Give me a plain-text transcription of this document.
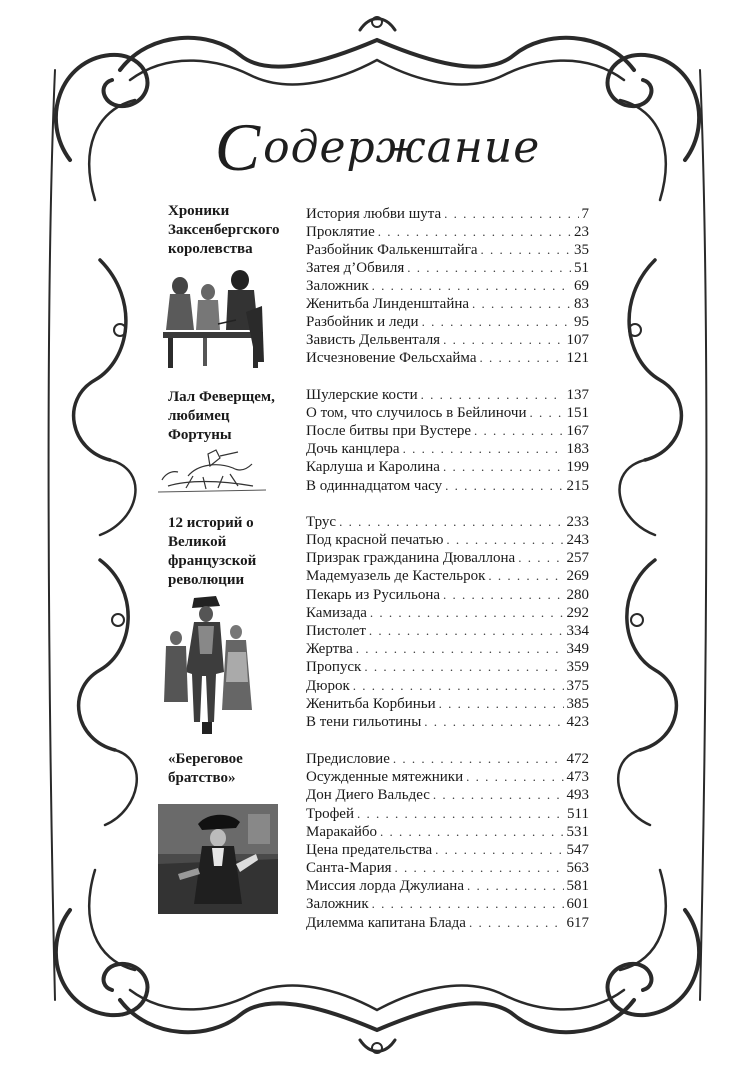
Содержание
Хроники Заксенбергского королевства
История любви шута . . .	7
Проклятие . . .	23
Разбойник Фалькенштайга . . .	35
Затея д’Обвиля . . .	51
Заложник . . .	69
Женитьба Линденштайна . . .	83
Разбойник и леди . . .	95
Зависть Дельвенталя . . .	107
Исчезновение Фельсхайма . . .	121
Лал Феверщем, любимец Фортуны
Шулерские кости . . .	137
О том, что случилось в Бейлиночи . . .	151
После битвы при Вустере . . .	167
Дочь канцлера . . .	183
Карлуша и Каролина . . .	199
В одиннадцатом часу . . .	215
12 историй о Великой французской революции
Трус . . .	233
Под красной печатью . . .	243
Призрак гражданина Дюваллона . . .	257
Мадемуазель де Кастельрок . . .	269
Пекарь из Русильона . . .	280
Камизада . . .	292
Пистолет . . .	334
Жертва . . .	349
Пропуск . . .	359
Дюрок . . .	375
Женитьба Корбиньи . . .	385
В тени гильотины . . .	423
«Береговое братство»
Предисловие . . .	472
Осужденные мятежники . . .	473
Дон Диего Вальдес . . .	493
Трофей . . .	511
Маракайбо . . .	531
Цена предательства . . .	547
Санта-Мария . . .	563
Миссия лорда Джулиана . . .	581
Заложник . . .	601
Дилемма капитана Блада . . .	617
